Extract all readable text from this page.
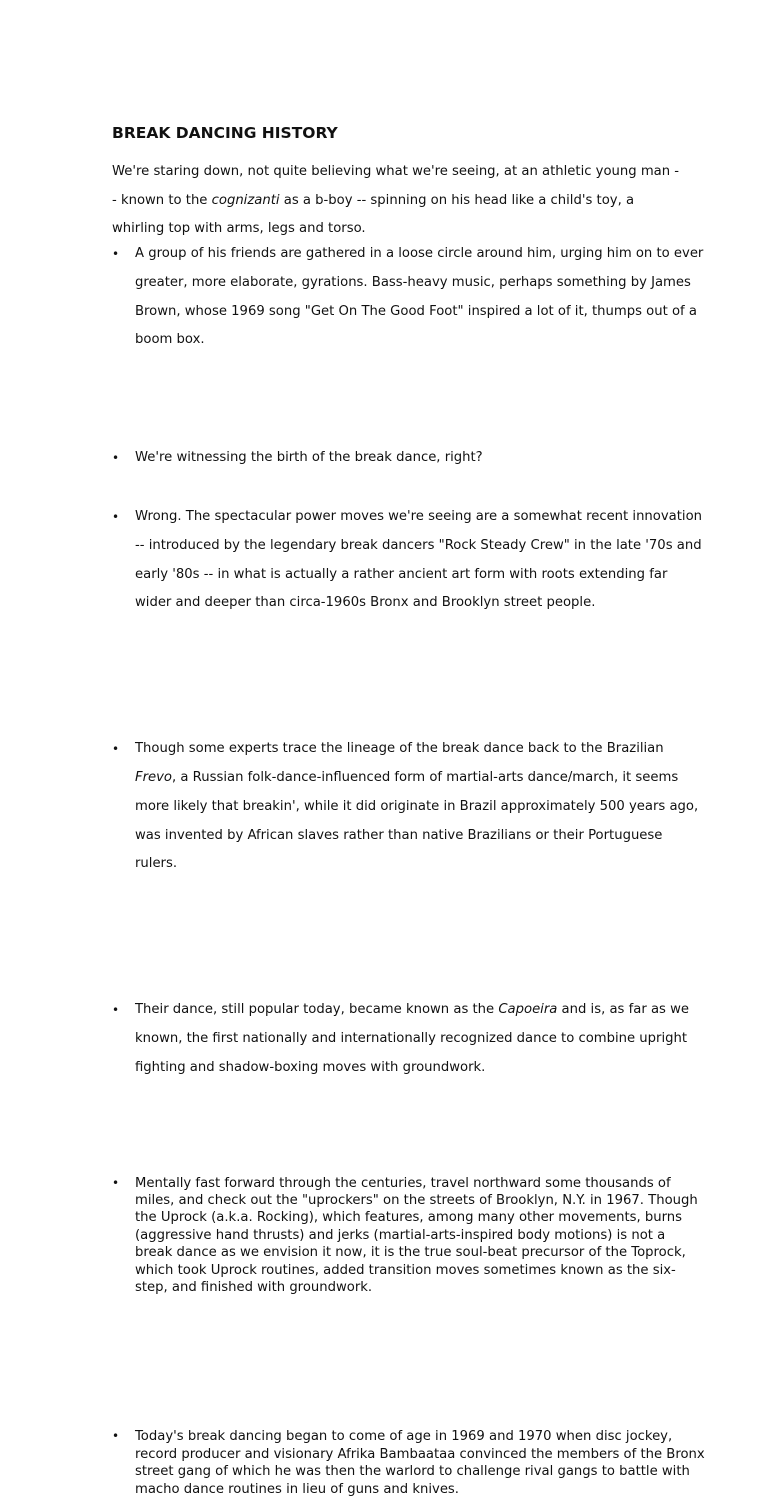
BREAK DANCING HISTORY

We're staring down, not quite believing what we're seeing, at an athletic young man -- known to the cognizanti as a b-boy -- spinning on his head like a child's toy, a whirling top with arms, legs and torso.

• A group of his friends are gathered in a loose circle around him, urging him on to ever greater, more elaborate, gyrations. Bass-heavy music, perhaps something by James Brown, whose 1969 song "Get On The Good Foot" inspired a lot of it, thumps out of a boom box.
• We're witnessing the birth of the break dance, right?
• Wrong. The spectacular power moves we're seeing are a somewhat recent innovation -- introduced by the legendary break dancers "Rock Steady Crew" in the late '70s and early '80s -- in what is actually a rather ancient art form with roots extending far wider and deeper than circa-1960s Bronx and Brooklyn street people.
• Though some experts trace the lineage of the break dance back to the Brazilian Frevo, a Russian folk-dance-influenced form of martial-arts dance/march, it seems more likely that breakin', while it did originate in Brazil approximately 500 years ago, was invented by African slaves rather than native Brazilians or their Portuguese rulers.
• Their dance, still popular today, became known as the Capoeira and is, as far as we known, the first nationally and internationally recognized dance to combine upright fighting and shadow-boxing moves with groundwork.
• Mentally fast forward through the centuries, travel northward some thousands of miles, and check out the "uprockers" on the streets of Brooklyn, N.Y. in 1967. Though the Uprock (a.k.a. Rocking), which features, among many other movements, burns (aggressive hand thrusts) and jerks (martial-arts-inspired body motions) is not a break dance as we envision it now, it is the true soul-beat precursor of the Toprock, which took Uprock routines, added transition moves sometimes known as the six-step, and finished with groundwork.
• Today's break dancing began to come of age in 1969 and 1970 when disc jockey, record producer and visionary Afrika Bambaataa convinced the members of the Bronx street gang of which he was then the warlord to challenge rival gangs to battle with macho dance routines in lieu of guns and knives.
